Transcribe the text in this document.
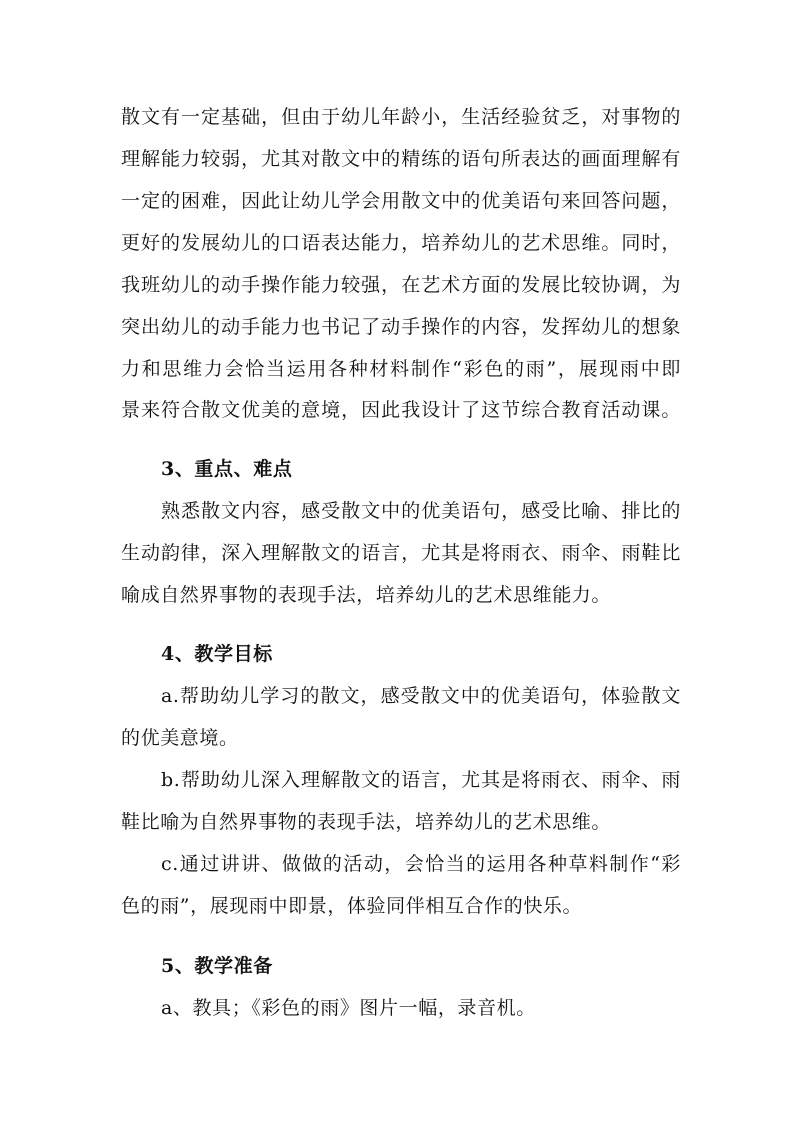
散文有一定基础，但由于幼儿年龄小，生活经验贫乏，对事物的
理解能力较弱，尤其对散文中的精练的语句所表达的画面理解有
一定的困难，因此让幼儿学会用散文中的优美语句来回答问题，
更好的发展幼儿的口语表达能力，培养幼儿的艺术思维。同时，
我班幼儿的动手操作能力较强，在艺术方面的发展比较协调，为
突出幼儿的动手能力也书记了动手操作的内容，发挥幼儿的想象
力和思维力会恰当运用各种材料制作“彩色的雨”，展现雨中即
景来符合散文优美的意境，因此我设计了这节综合教育活动课。
3、重点、难点
熟悉散文内容，感受散文中的优美语句，感受比喻、排比的
生动韵律，深入理解散文的语言，尤其是将雨衣、雨伞、雨鞋比
喻成自然界事物的表现手法，培养幼儿的艺术思维能力。
4、教学目标
a.帮助幼儿学习的散文，感受散文中的优美语句，体验散文
的优美意境。
b.帮助幼儿深入理解散文的语言，尤其是将雨衣、雨伞、雨
鞋比喻为自然界事物的表现手法，培养幼儿的艺术思维。
c.通过讲讲、做做的活动，会恰当的运用各种草料制作“彩
色的雨”，展现雨中即景，体验同伴相互合作的快乐。
5、教学准备
a、教具；《彩色的雨》图片一幅，录音机。
